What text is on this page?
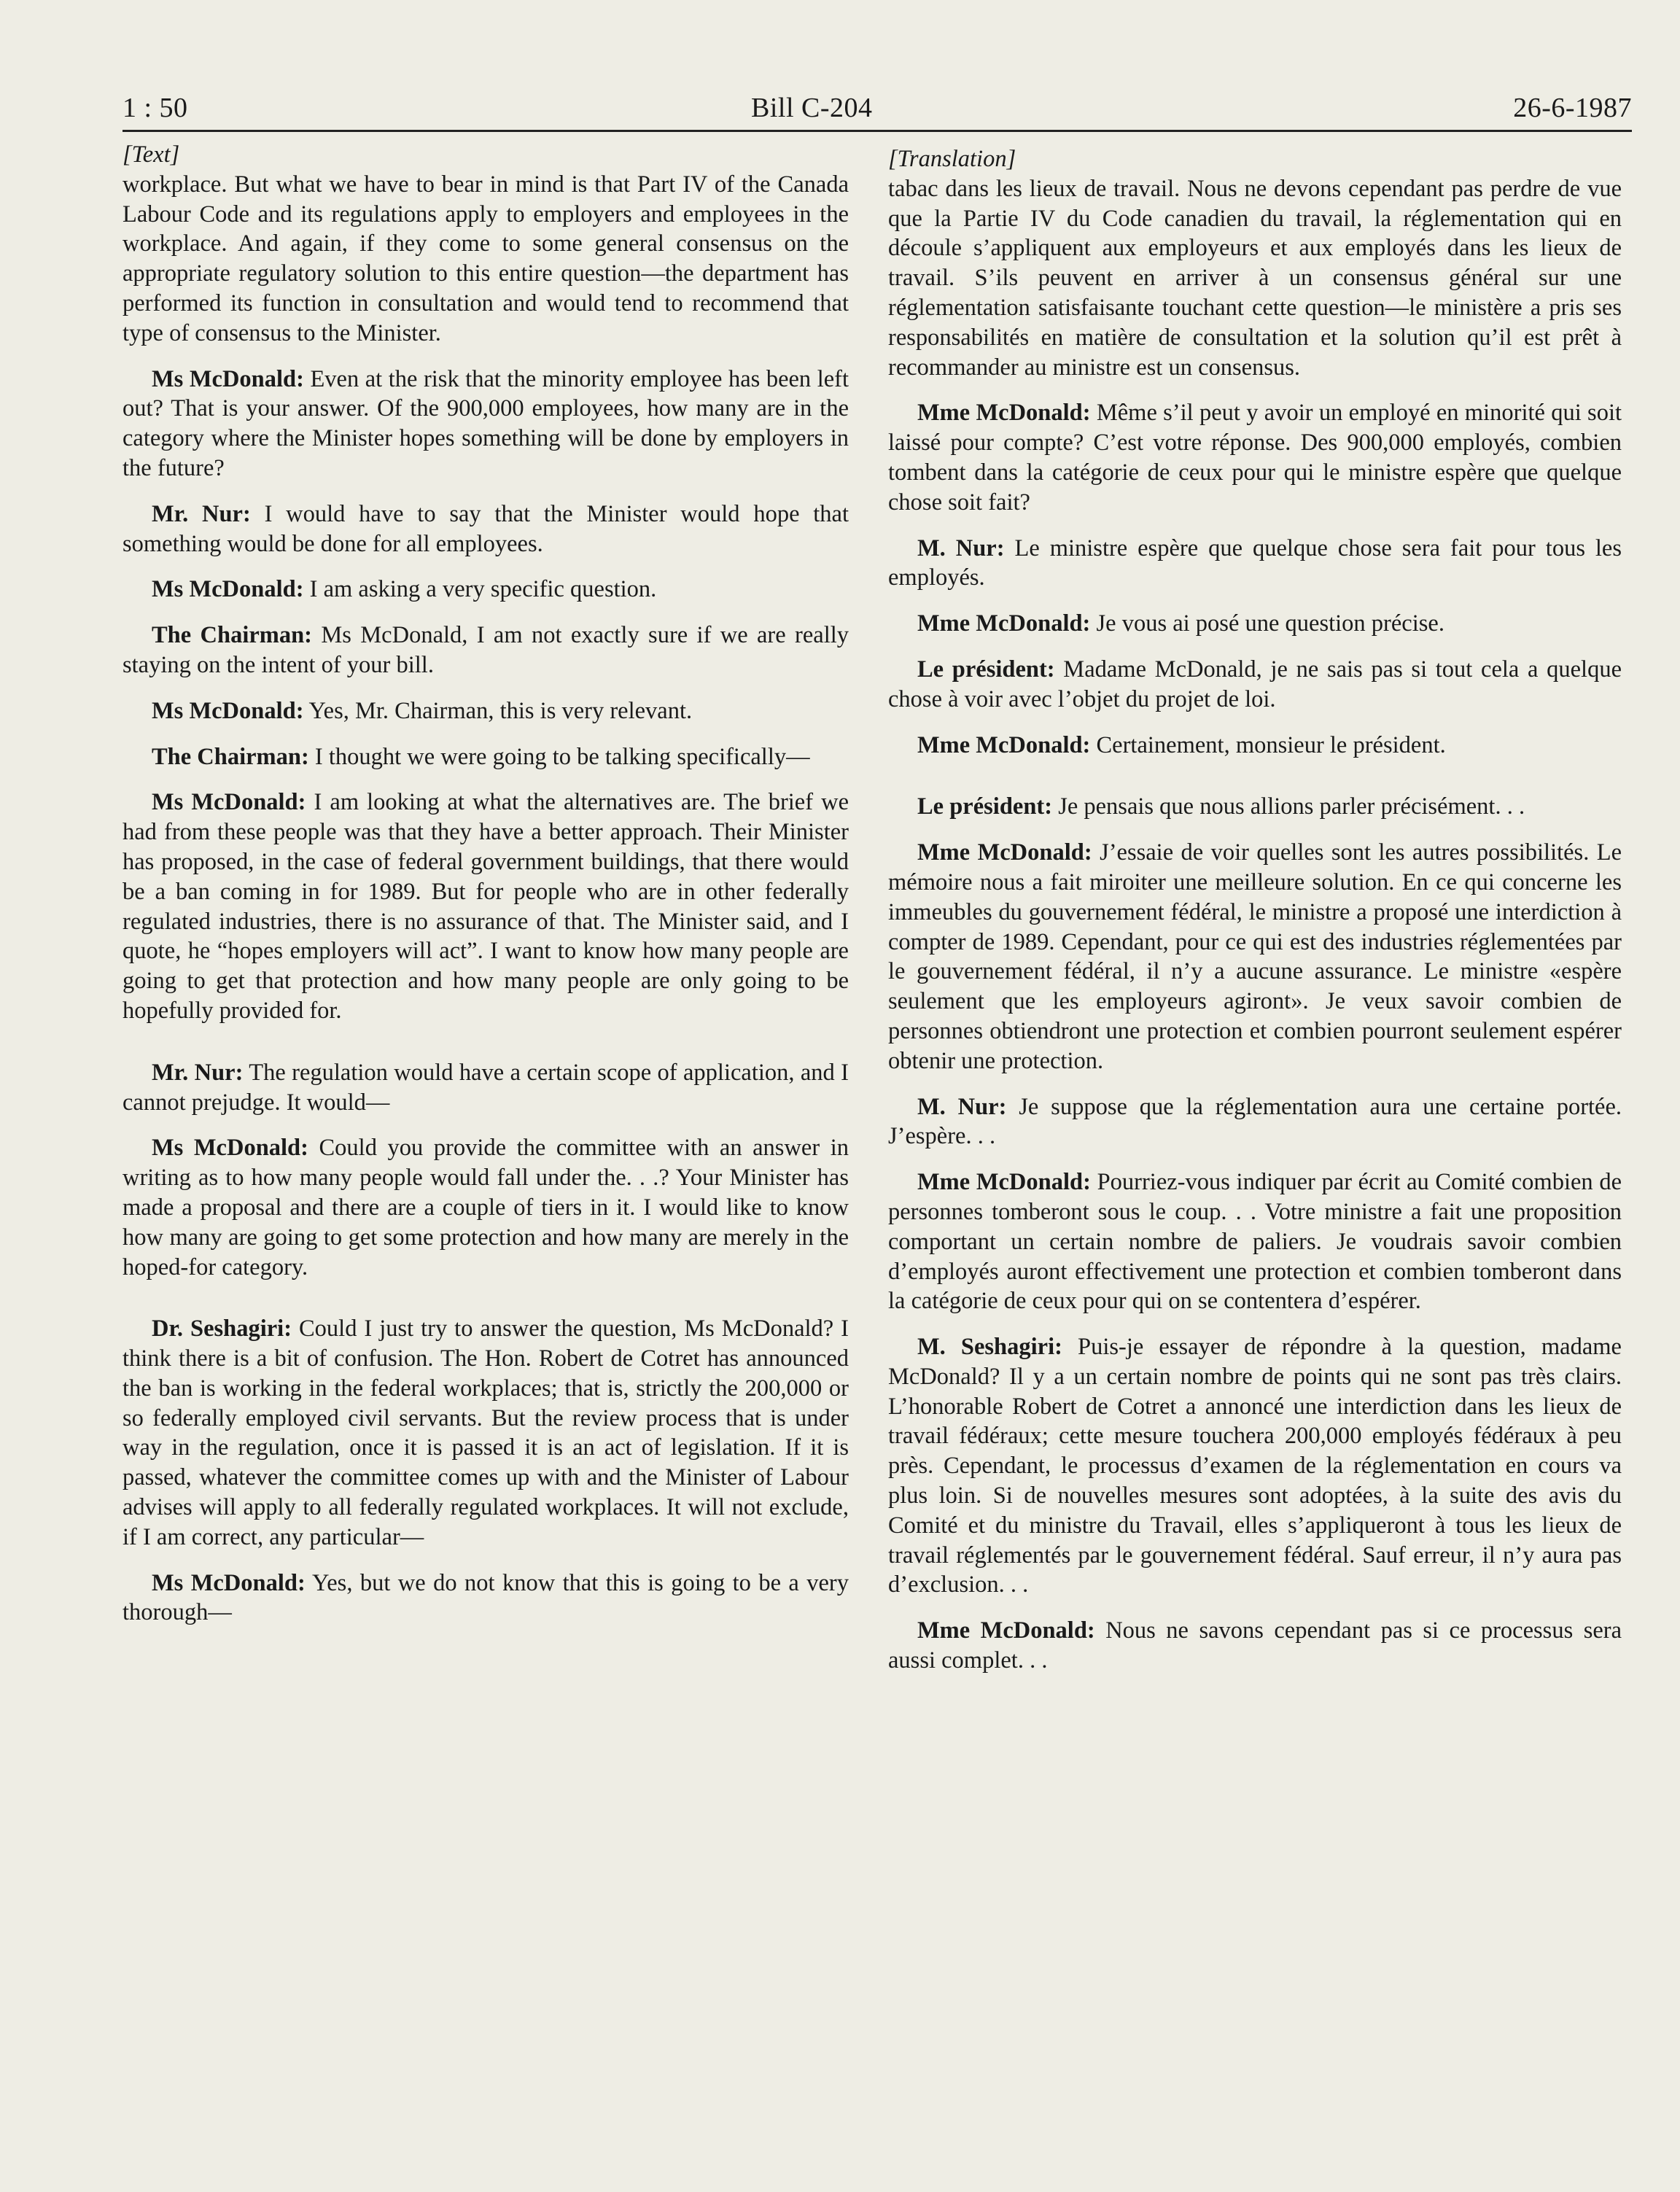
1 : 50	Bill C-204	26-6-1987

[Text]

workplace. But what we have to bear in mind is that Part IV of the Canada Labour Code and its regulations apply to employers and employees in the workplace. And again, if they come to some general consensus on the appropriate regulatory solution to this entire question—the department has performed its function in consultation and would tend to recommend that type of consensus to the Minister.

Ms McDonald: Even at the risk that the minority employee has been left out? That is your answer. Of the 900,000 employees, how many are in the category where the Minister hopes something will be done by employers in the future?

Mr. Nur: I would have to say that the Minister would hope that something would be done for all employees.

Ms McDonald: I am asking a very specific question.

The Chairman: Ms McDonald, I am not exactly sure if we are really staying on the intent of your bill.

Ms McDonald: Yes, Mr. Chairman, this is very relevant.

The Chairman: I thought we were going to be talking specifically—

Ms McDonald: I am looking at what the alternatives are. The brief we had from these people was that they have a better approach. Their Minister has proposed, in the case of federal government buildings, that there would be a ban coming in for 1989. But for people who are in other federally regulated industries, there is no assurance of that. The Minister said, and I quote, he “hopes employers will act”. I want to know how many people are going to get that protection and how many people are only going to be hopefully provided for.

Mr. Nur: The regulation would have a certain scope of application, and I cannot prejudge. It would—

Ms McDonald: Could you provide the committee with an answer in writing as to how many people would fall under the. . .? Your Minister has made a proposal and there are a couple of tiers in it. I would like to know how many are going to get some protection and how many are merely in the hoped-for category.

Dr. Seshagiri: Could I just try to answer the question, Ms McDonald? I think there is a bit of confusion. The Hon. Robert de Cotret has announced the ban is working in the federal workplaces; that is, strictly the 200,000 or so federally employed civil servants. But the review process that is under way in the regulation, once it is passed it is an act of legislation. If it is passed, whatever the committee comes up with and the Minister of Labour advises will apply to all federally regulated workplaces. It will not exclude, if I am correct, any particular—

Ms McDonald: Yes, but we do not know that this is going to be a very thorough—

[Translation]

tabac dans les lieux de travail. Nous ne devons cependant pas perdre de vue que la Partie IV du Code canadien du travail, la réglementation qui en découle s’appliquent aux employeurs et aux employés dans les lieux de travail. S’ils peuvent en arriver à un consensus général sur une réglementation satisfaisante touchant cette question—le ministère a pris ses responsabilités en matière de consultation et la solution qu’il est prêt à recommander au ministre est un consensus.

Mme McDonald: Même s’il peut y avoir un employé en minorité qui soit laissé pour compte? C’est votre réponse. Des 900,000 employés, combien tombent dans la catégorie de ceux pour qui le ministre espère que quelque chose soit fait?

M. Nur: Le ministre espère que quelque chose sera fait pour tous les employés.

Mme McDonald: Je vous ai posé une question précise.

Le président: Madame McDonald, je ne sais pas si tout cela a quelque chose à voir avec l’objet du projet de loi.

Mme McDonald: Certainement, monsieur le président.

Le président: Je pensais que nous allions parler précisément. . .

Mme McDonald: J’essaie de voir quelles sont les autres possibilités. Le mémoire nous a fait miroiter une meilleure solution. En ce qui concerne les immeubles du gouvernement fédéral, le ministre a proposé une interdiction à compter de 1989. Cependant, pour ce qui est des industries réglementées par le gouvernement fédéral, il n’y a aucune assurance. Le ministre «espère seulement que les employeurs agiront». Je veux savoir combien de personnes obtiendront une protection et combien pourront seulement espérer obtenir une protection.

M. Nur: Je suppose que la réglementation aura une certaine portée. J’espère. . .

Mme McDonald: Pourriez-vous indiquer par écrit au Comité combien de personnes tomberont sous le coup. . . Votre ministre a fait une proposition comportant un certain nombre de paliers. Je voudrais savoir combien d’employés auront effectivement une protection et combien tomberont dans la catégorie de ceux pour qui on se contentera d’espérer.

M. Seshagiri: Puis-je essayer de répondre à la question, madame McDonald? Il y a un certain nombre de points qui ne sont pas très clairs. L’honorable Robert de Cotret a annoncé une interdiction dans les lieux de travail fédéraux; cette mesure touchera 200,000 employés fédéraux à peu près. Cependant, le processus d’examen de la réglementation en cours va plus loin. Si de nouvelles mesures sont adoptées, à la suite des avis du Comité et du ministre du Travail, elles s’appliqueront à tous les lieux de travail réglementés par le gouvernement fédéral. Sauf erreur, il n’y aura pas d’exclusion. . .

Mme McDonald: Nous ne savons cependant pas si ce processus sera aussi complet. . .
